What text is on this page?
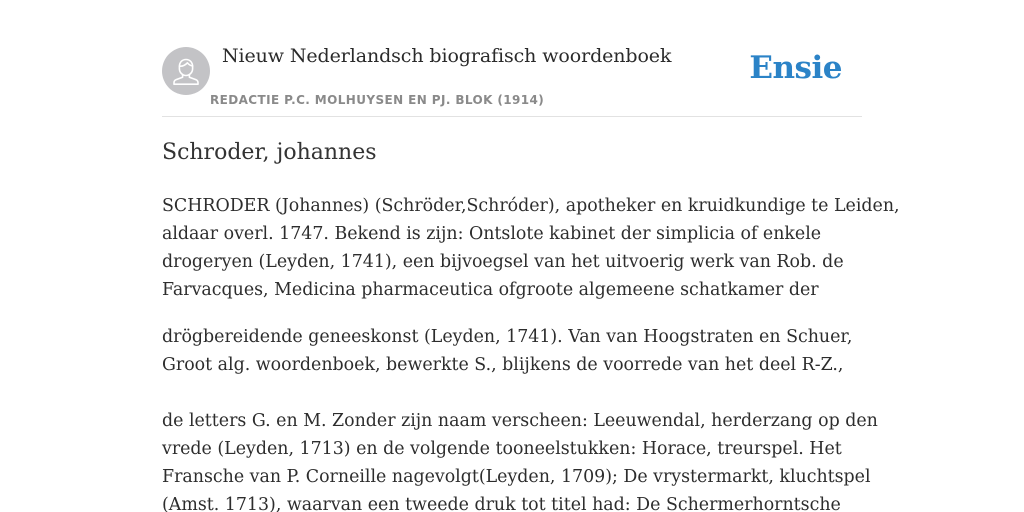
Nieuw Nederlandsch biografisch woordenboek
REDACTIE P.C. MOLHUYSEN EN PJ. BLOK (1914)
Ensie
Schroder, johannes

SCHRODER (Johannes) (Schröder,Schróder), apotheker en kruidkundige te Leiden,
aldaar overl. 1747. Bekend is zijn: Ontslote kabinet der simplicia of enkele
drogeryen (Leyden, 1741), een bijvoegsel van het uitvoerig werk van Rob. de
Farvacques, Medicina pharmaceutica ofgroote algemeene schatkamer der

drögbereidende geneeskonst (Leyden, 1741). Van van Hoogstraten en Schuer,
Groot alg. woordenboek, bewerkte S., blijkens de voorrede van het deel R-Z.,

de letters G. en M. Zonder zijn naam verscheen: Leeuwendal, herderzang op den
vrede (Leyden, 1713) en de volgende tooneelstukken: Horace, treurspel. Het
Fransche van P. Corneille nagevolgt(Leyden, 1709); De vrystermarkt, kluchtspel
(Amst. 1713), waarvan een tweede druk tot titel had: De Schermerhorntsche
